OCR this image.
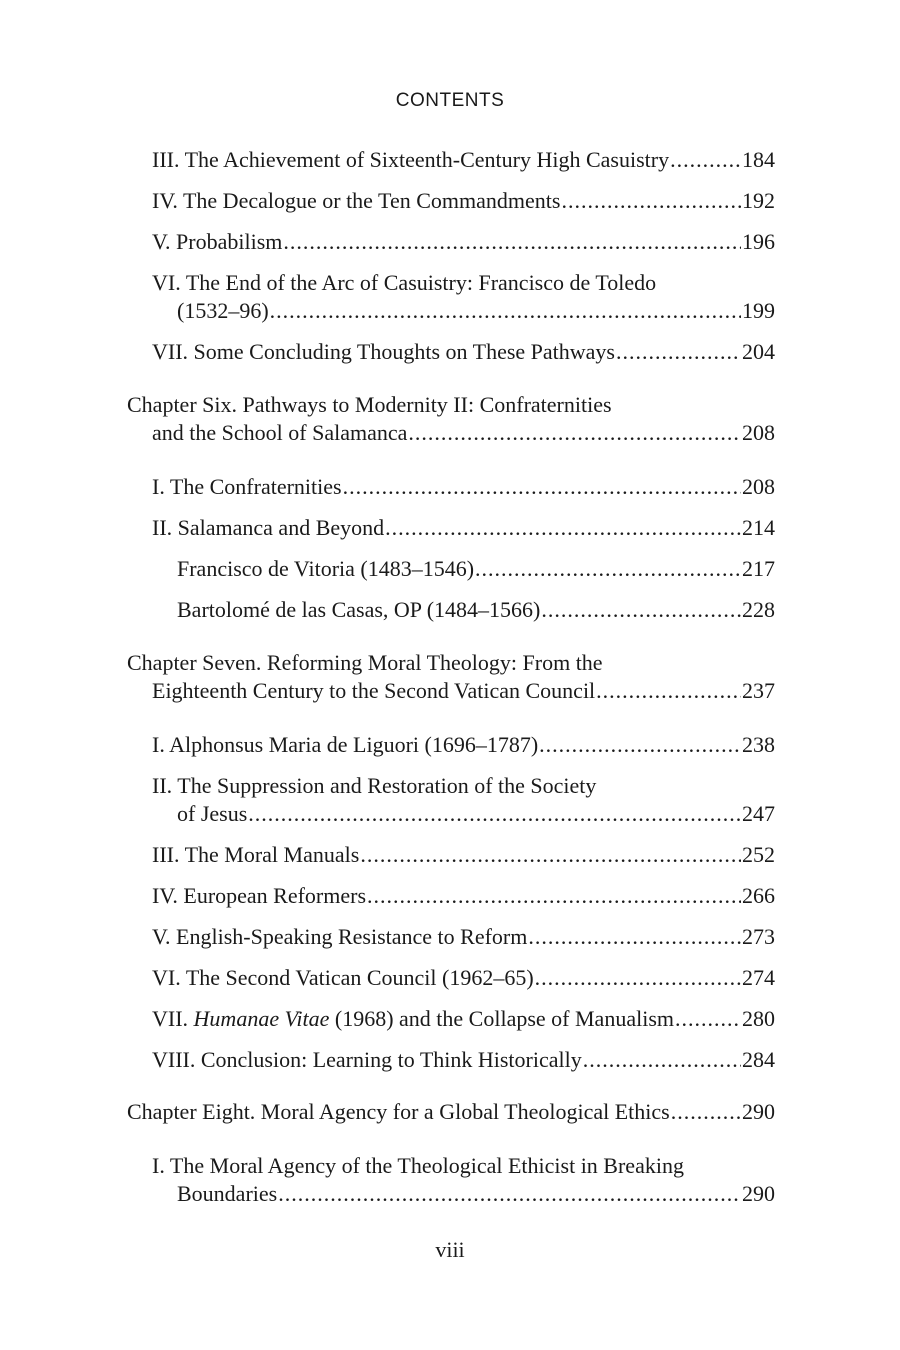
CONTENTS
III. The Achievement of Sixteenth-Century High Casuistry .....	184
IV. The Decalogue or the Ten Commandments .....	192
V. Probabilism .....	196
VI. The End of the Arc of Casuistry: Francisco de Toledo
(1532–96) .....	199
VII. Some Concluding Thoughts on These Pathways .....	204
Chapter Six. Pathways to Modernity II: Confraternities
and the School of Salamanca .....	208
I. The Confraternities .....	208
II. Salamanca and Beyond .....	214
Francisco de Vitoria (1483–1546) .....	217
Bartolomé de las Casas, OP (1484–1566) .....	228
Chapter Seven. Reforming Moral Theology: From the
Eighteenth Century to the Second Vatican Council .....	237
I. Alphonsus Maria de Liguori (1696–1787) .....	238
II. The Suppression and Restoration of the Society
of Jesus .....	247
III. The Moral Manuals .....	252
IV. European Reformers .....	266
V. English-Speaking Resistance to Reform .....	273
VI. The Second Vatican Council (1962–65) .....	274
VII. Humanae Vitae (1968) and the Collapse of Manualism .....	280
VIII. Conclusion: Learning to Think Historically .....	284
Chapter Eight. Moral Agency for a Global Theological Ethics .....	290
I. The Moral Agency of the Theological Ethicist in Breaking
Boundaries .....	290
viii
